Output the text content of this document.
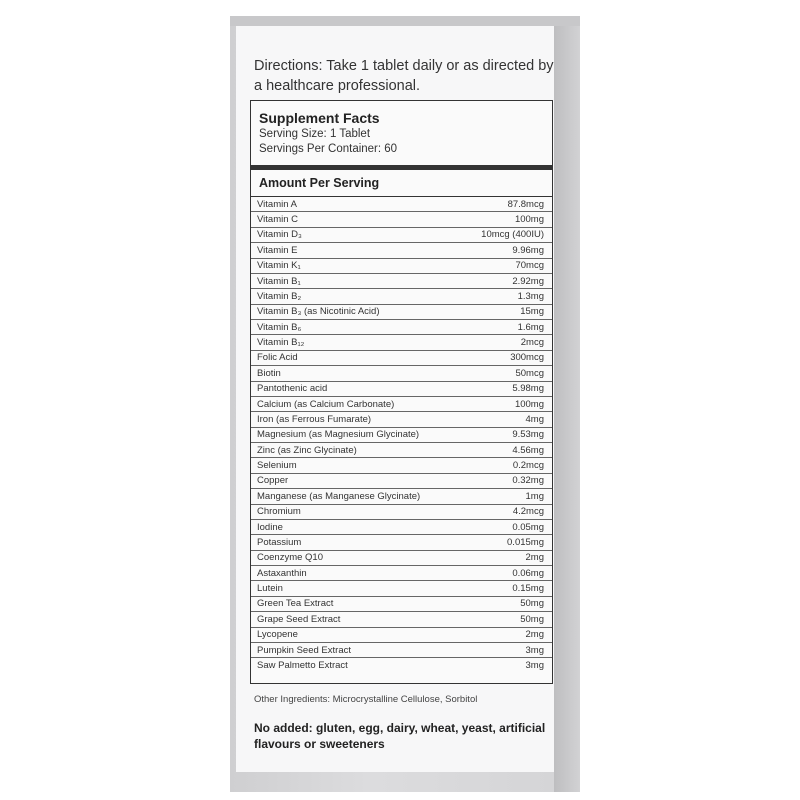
Directions: Take 1 tablet daily or as directed by a healthcare professional.
Supplement Facts
Serving Size: 1 Tablet
Servings Per Container: 60
Amount Per Serving
Vitamin A	87.8mcg
Vitamin C	100mg
Vitamin D₃	10mcg (400IU)
Vitamin E	9.96mg
Vitamin K₁	70mcg
Vitamin B₁	2.92mg
Vitamin B₂	1.3mg
Vitamin B₃ (as Nicotinic Acid)	15mg
Vitamin B₆	1.6mg
Vitamin B₁₂	2mcg
Folic Acid	300mcg
Biotin	50mcg
Pantothenic acid	5.98mg
Calcium (as Calcium Carbonate)	100mg
Iron (as Ferrous Fumarate)	4mg
Magnesium (as Magnesium Glycinate)	9.53mg
Zinc (as Zinc Glycinate)	4.56mg
Selenium	0.2mcg
Copper	0.32mg
Manganese (as Manganese Glycinate)	1mg
Chromium	4.2mcg
Iodine	0.05mg
Potassium	0.015mg
Coenzyme Q10	2mg
Astaxanthin	0.06mg
Lutein	0.15mg
Green Tea Extract	50mg
Grape Seed Extract	50mg
Lycopene	2mg
Pumpkin Seed Extract	3mg
Saw Palmetto Extract	3mg
Other Ingredients: Microcrystalline Cellulose, Sorbitol
No added: gluten, egg, dairy, wheat, yeast, artificial flavours or sweeteners
